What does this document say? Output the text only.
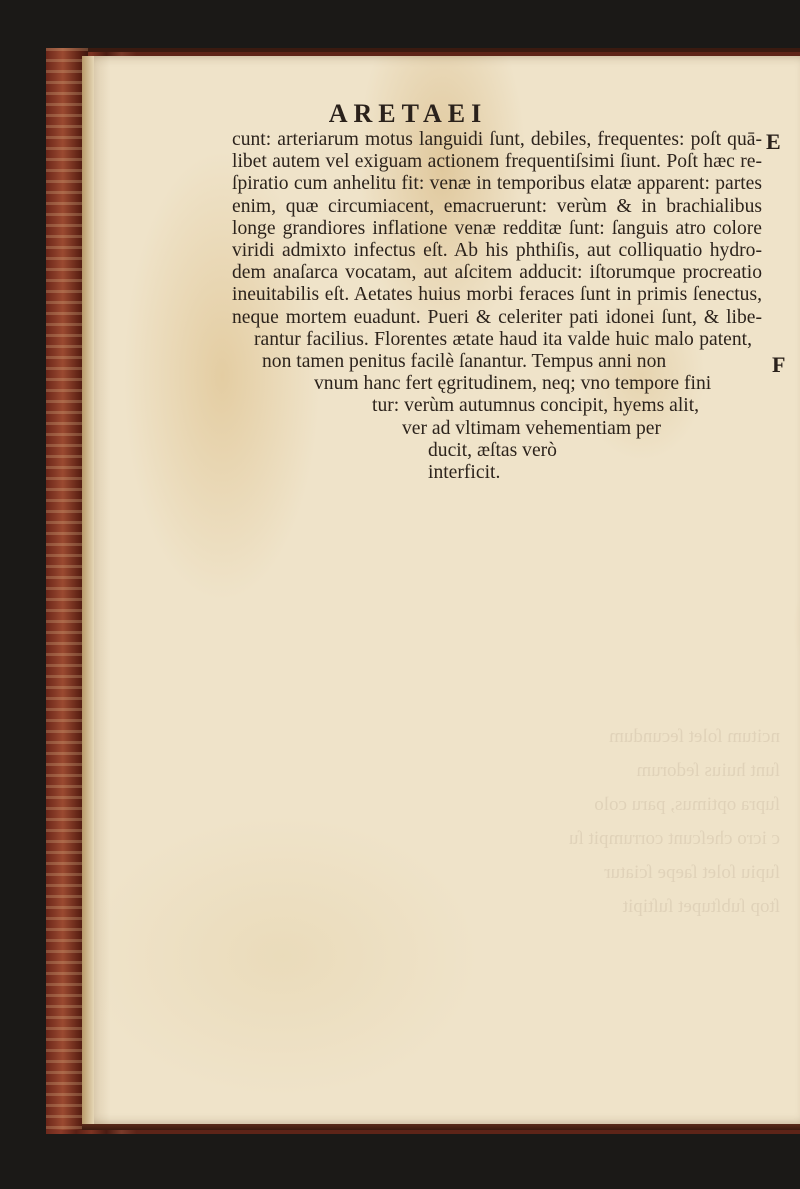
ncitum ſolet ſecundum
ſunt huius ſedorum
ſupra optimus, paru colo
c icro cheſcunt corrumpit ſu
ſupiu ſolet ſaepe ſciatur
ſtop ſubſtupet ſuſtipit
ARETAEI
cunt: arteriarum motus languidi ſunt, debiles, frequentes: poſt quā-
libet autem vel exiguam actionem frequentiſsimi ſiunt. Poſt hæc re-
ſpiratio cum anhelitu fit: venæ in temporibus elatæ apparent: partes
enim, quæ circumiacent, emacruerunt: verùm & in brachialibus
longe grandiores inflatione venæ redditæ ſunt: ſanguis atro colore
viridi admixto infectus eſt. Ab his phthiſis, aut colliquatio hydro-
dem anaſarca vocatam, aut aſcitem adducit: iſtorumque procreatio
ineuitabilis eſt. Aetates huius morbi feraces ſunt in primis ſenectus,
neque mortem euadunt. Pueri & celeriter pati idonei ſunt, & libe-
rantur facilius. Florentes ætate haud ita valde huic malo patent,
non tamen penitus facilè ſanantur. Tempus anni non
vnum hanc fert ęgritudinem, neq; vno tempore fini
tur: verùm autumnus concipit, hyems alit,
ver ad vltimam vehementiam per
ducit, æſtas verò
interficit.
E
F
